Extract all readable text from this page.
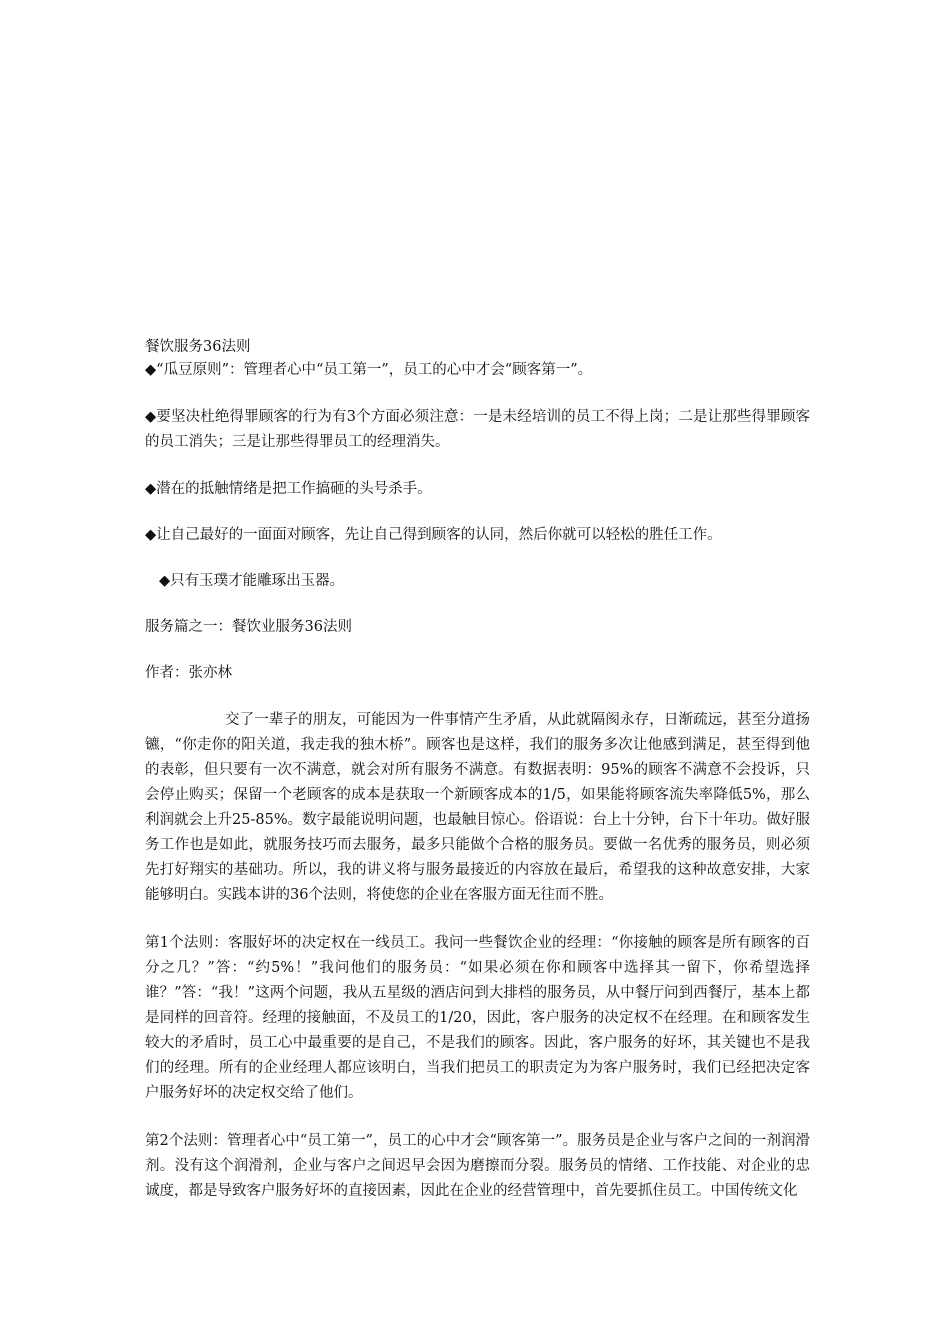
餐饮服务36法则

◆“瓜豆原则”：管理者心中“员工第一”，员工的心中才会“顾客第一”。

◆要坚决杜绝得罪顾客的行为有3个方面必须注意：一是未经培训的员工不得上岗；二是让那些得罪顾客的员工消失；三是让那些得罪员工的经理消失。

◆潜在的抵触情绪是把工作搞砸的头号杀手。

◆让自己最好的一面面对顾客，先让自己得到顾客的认同，然后你就可以轻松的胜任工作。

◆只有玉璞才能雕琢出玉器。

服务篇之一：餐饮业服务36法则

作者：张亦林

交了一辈子的朋友，可能因为一件事情产生矛盾，从此就隔阂永存，日渐疏远，甚至分道扬镳，“你走你的阳关道，我走我的独木桥”。顾客也是这样，我们的服务多次让他感到满足，甚至得到他的表彰，但只要有一次不满意，就会对所有服务不满意。有数据表明：95%的顾客不满意不会投诉，只会停止购买；保留一个老顾客的成本是获取一个新顾客成本的1/5，如果能将顾客流失率降低5%，那么利润就会上升25-85%。数字最能说明问题，也最触目惊心。俗语说：台上十分钟，台下十年功。做好服务工作也是如此，就服务技巧而去服务，最多只能做个合格的服务员。要做一名优秀的服务员，则必须先打好翔实的基础功。所以，我的讲义将与服务最接近的内容放在最后，希望我的这种故意安排，大家能够明白。实践本讲的36个法则，将使您的企业在客服方面无往而不胜。

第1个法则：客服好坏的决定权在一线员工。我问一些餐饮企业的经理：“你接触的顾客是所有顾客的百分之几？”答：“约5%！”我问他们的服务员：“如果必须在你和顾客中选择其一留下，你希望选择谁？”答：“我！”这两个问题，我从五星级的酒店问到大排档的服务员，从中餐厅问到西餐厅，基本上都是同样的回音符。经理的接触面，不及员工的1/20，因此，客户服务的决定权不在经理。在和顾客发生较大的矛盾时，员工心中最重要的是自己，不是我们的顾客。因此，客户服务的好坏，其关键也不是我们的经理。所有的企业经理人都应该明白，当我们把员工的职责定为为客户服务时，我们已经把决定客户服务好坏的决定权交给了他们。

第2个法则：管理者心中“员工第一”，员工的心中才会“顾客第一”。服务员是企业与客户之间的一剂润滑剂。没有这个润滑剂，企业与客户之间迟早会因为磨擦而分裂。服务员的情绪、工作技能、对企业的忠诚度，都是导致客户服务好坏的直接因素，因此在企业的经营管理中，首先要抓住员工。中国传统文化
